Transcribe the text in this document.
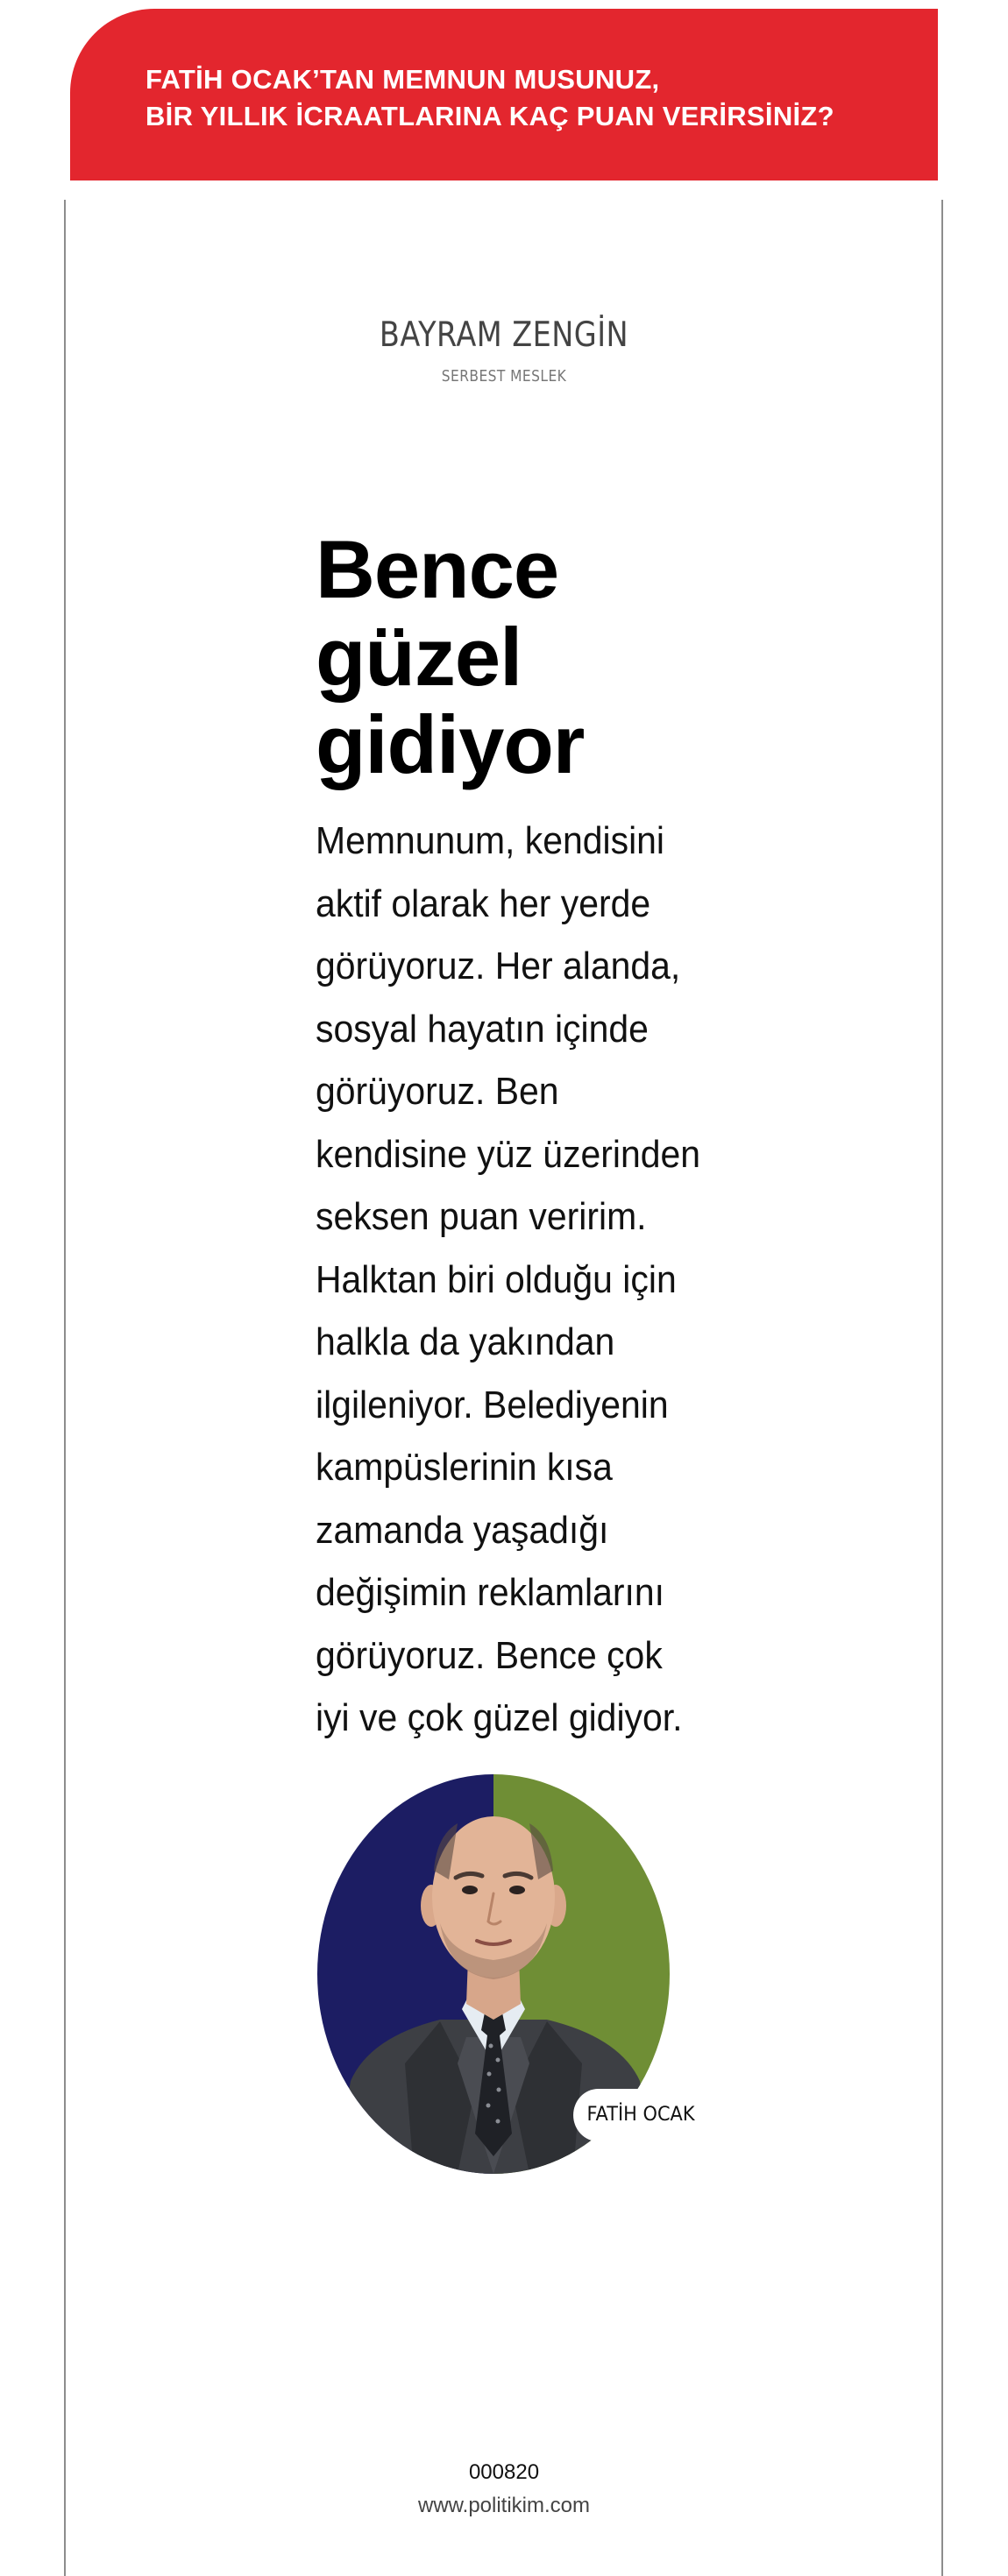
FATİH OCAK’TAN MEMNUN MUSUNUZ,
BİR YILLIK İCRAATLARINA KAÇ PUAN VERİRSİNİZ?
BAYRAM ZENGİN
SERBEST MESLEK
Bence
güzel
gidiyor

Memnunum, kendisini
aktif olarak her yerde
görüyoruz. Her alanda,
sosyal hayatın içinde
görüyoruz. Ben
kendisine yüz üzerinden
seksen puan veririm.
Halktan biri olduğu için
halkla da yakından
ilgileniyor. Belediyenin
kampüslerinin kısa
zamanda yaşadığı
değişimin reklamlarını
görüyoruz. Bence çok
iyi ve çok güzel gidiyor.

FATİH OCAK
000820
www.politikim.com
